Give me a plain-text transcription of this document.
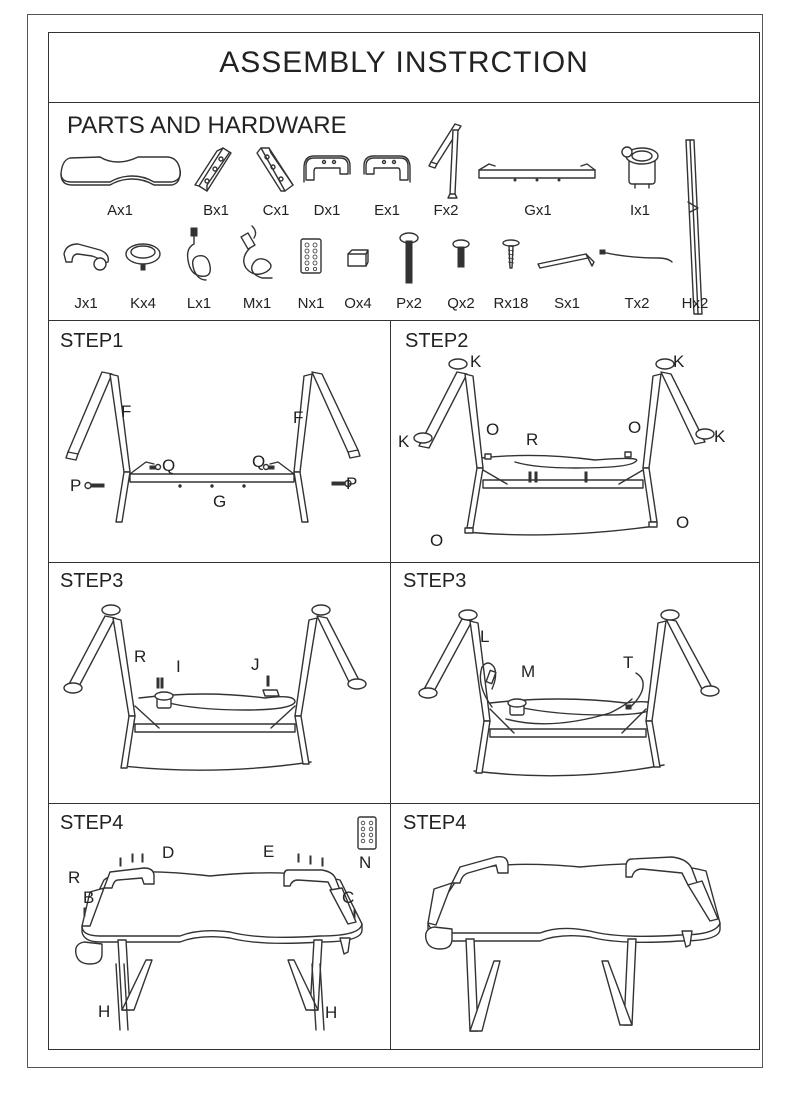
ASSEMBLY INSTRCTION
PARTS AND HARDWARE
Ax1	Bx1	Cx1	Dx1	Ex1	Fx2	Gx1	Ix1
Jx1	Kx4	Lx1	Mx1	Nx1	Ox4	Px2	Qx2	Rx18	Sx1	Tx2	Hx2
STEP1
F	F
Q	Q
P	P
G
STEP2
K	K
K	K
O
R
O
O
O
STEP3
R
I	J
STEP3
L
M	T
STEP4
D	E
N
R
B	C
H	H
STEP4
